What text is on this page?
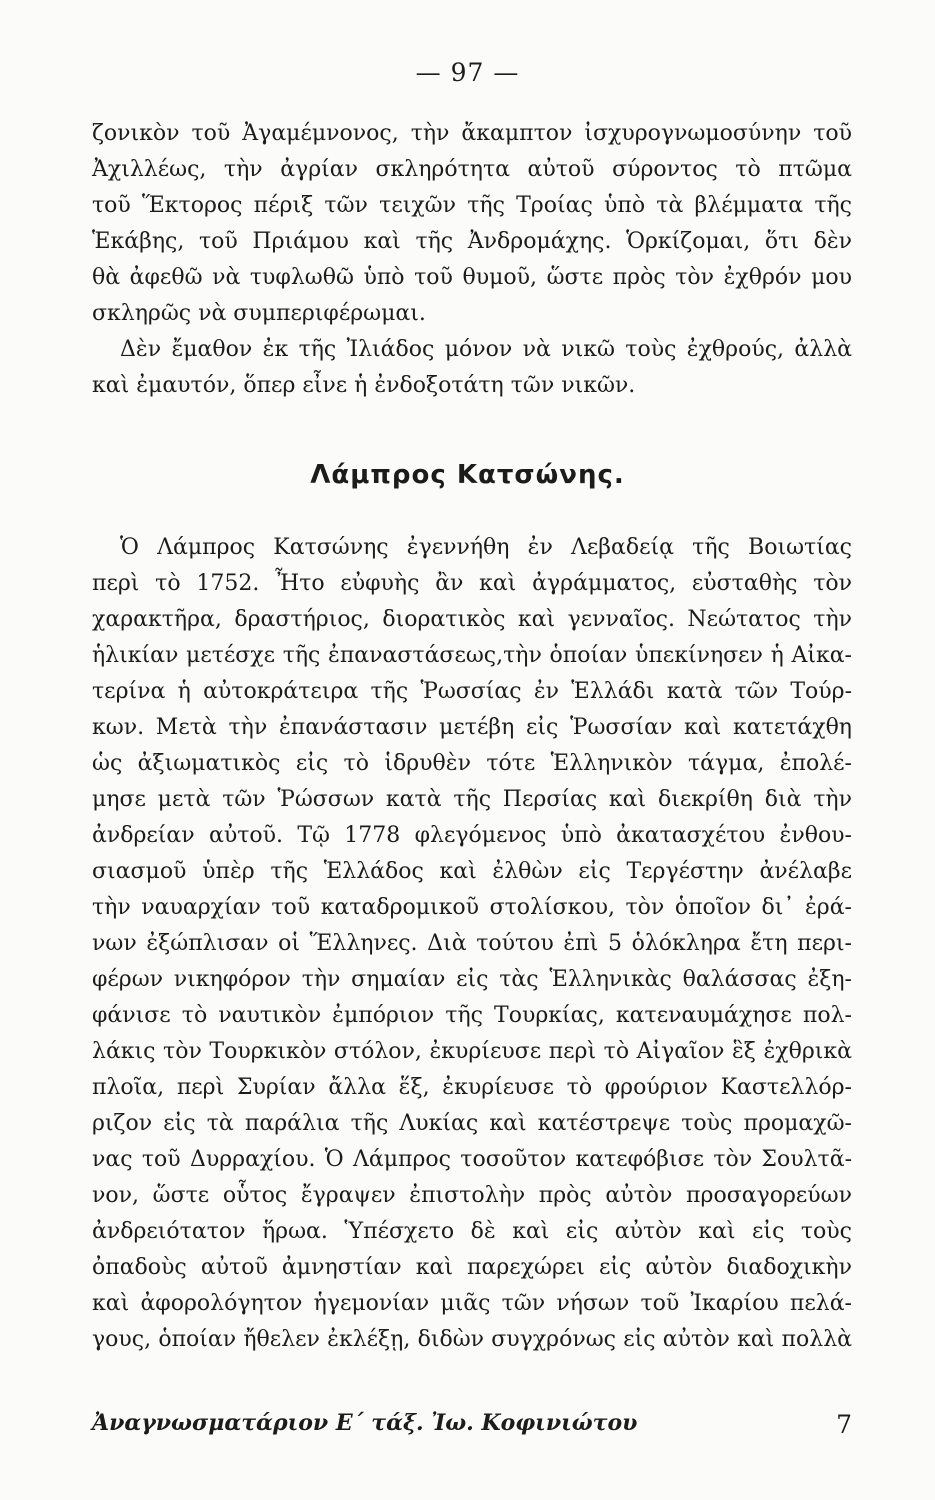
— 97 —
ζονικὸν τοῦ Ἀγαμέμνονος, τὴν ἄκαμπτον ἰσχυρογνωμοσύνην τοῦ
Ἀχιλλέως, τὴν ἀγρίαν σκληρότητα αὐτοῦ σύροντος τὸ πτῶμα
τοῦ Ἕκτορος πέριξ τῶν τειχῶν τῆς Τροίας ὑπὸ τὰ βλέμματα τῆς
Ἑκάβης, τοῦ Πριάμου καὶ τῆς Ἀνδρομάχης. Ὁρκίζομαι, ὅτι δὲν
θὰ ἀφεθῶ νὰ τυφλωθῶ ὑπὸ τοῦ θυμοῦ, ὥστε πρὸς τὸν ἐχθρόν μου
σκληρῶς νὰ συμπεριφέρωμαι.
Δὲν ἔμαθον ἐκ τῆς Ἰλιάδος μόνον νὰ νικῶ τοὺς ἐχθρούς, ἀλλὰ
καὶ ἐμαυτόν, ὅπερ εἶνε ἡ ἐνδοξοτάτη τῶν νικῶν.
Λάμπρος Κατσώνης.
Ὁ Λάμπρος Κατσώνης ἐγεννήθη ἐν Λεβαδείᾳ τῆς Βοιωτίας
περὶ τὸ 1752. Ἦτο εὐφυὴς ἂν καὶ ἀγράμματος, εὐσταθὴς τὸν
χαρακτῆρα, δραστήριος, διορατικὸς καὶ γενναῖος. Νεώτατος τὴν
ἡλικίαν μετέσχε τῆς ἐπαναστάσεως,τὴν ὁποίαν ὑπεκίνησεν ἡ Αἰκα-
τερίνα ἡ αὐτοκράτειρα τῆς Ῥωσσίας ἐν Ἑλλάδι κατὰ τῶν Τούρ-
κων. Μετὰ τὴν ἐπανάστασιν μετέβη εἰς Ῥωσσίαν καὶ κατετάχθη
ὡς ἀξιωματικὸς εἰς τὸ ἱδρυθὲν τότε Ἑλληνικὸν τάγμα, ἐπολέ-
μησε μετὰ τῶν Ῥώσσων κατὰ τῆς Περσίας καὶ διεκρίθη διὰ τὴν
ἀνδρείαν αὐτοῦ. Τῷ 1778 φλεγόμενος ὑπὸ ἀκατασχέτου ἐνθου-
σιασμοῦ ὑπὲρ τῆς Ἑλλάδος καὶ ἐλθὼν εἰς Τεργέστην ἀνέλαβε
τὴν ναυαρχίαν τοῦ καταδρομικοῦ στολίσκου, τὸν ὁποῖον δι᾽ ἐρά-
νων ἐξώπλισαν οἱ Ἕλληνες. Διὰ τούτου ἐπὶ 5 ὁλόκληρα ἔτη περι-
φέρων νικηφόρον τὴν σημαίαν εἰς τὰς Ἑλληνικὰς θαλάσσας ἐξη-
φάνισε τὸ ναυτικὸν ἐμπόριον τῆς Τουρκίας, κατεναυμάχησε πολ-
λάκις τὸν Τουρκικὸν στόλον, ἐκυρίευσε περὶ τὸ Αἰγαῖον ἓξ ἐχθρικὰ
πλοῖα, περὶ Συρίαν ἄλλα ἕξ, ἐκυρίευσε τὸ φρούριον Καστελλόρ-
ριζον εἰς τὰ παράλια τῆς Λυκίας καὶ κατέστρεψε τοὺς προμαχῶ-
νας τοῦ Δυρραχίου. Ὁ Λάμπρος τοσοῦτον κατεφόβισε τὸν Σουλτᾶ-
νον, ὥστε οὗτος ἔγραψεν ἐπιστολὴν πρὸς αὐτὸν προσαγορεύων
ἀνδρειότατον ἥρωα. Ὑπέσχετο δὲ καὶ εἰς αὐτὸν καὶ εἰς τοὺς
ὀπαδοὺς αὐτοῦ ἀμνηστίαν καὶ παρεχώρει εἰς αὐτὸν διαδοχικὴν
καὶ ἀφορολόγητον ἡγεμονίαν μιᾶς τῶν νήσων τοῦ Ἰκαρίου πελά-
γους, ὁποίαν ἤθελεν ἐκλέξῃ, διδὼν συγχρόνως εἰς αὐτὸν καὶ πολλὰ
Ἀναγνωσματάριον Ε´ τάξ. Ἰω. Κοφινιώτου	7
